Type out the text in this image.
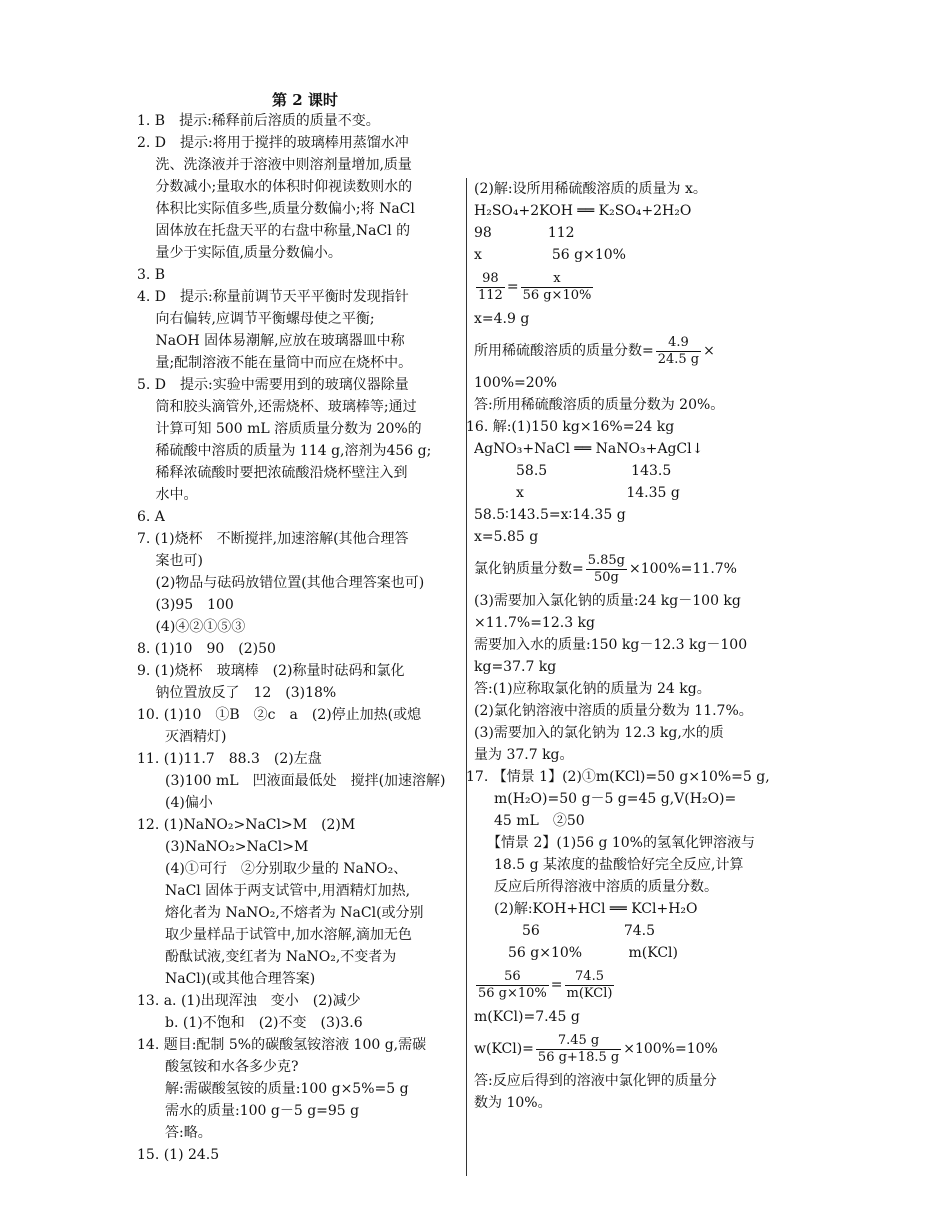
第 2 课时
1. B　提示:稀释前后溶质的质量不变。
2. D　提示:将用于搅拌的玻璃棒用蒸馏水冲
　 洗、洗涤液并于溶液中则溶剂量增加,质量
　 分数减小;量取水的体积时仰视读数则水的
　 体积比实际值多些,质量分数偏小;将 NaCl
　 固体放在托盘天平的右盘中称量,NaCl 的
　 量少于实际值,质量分数偏小。
3. B
4. D　提示:称量前调节天平平衡时发现指针
　 向右偏转,应调节平衡螺母使之平衡;
　 NaOH 固体易潮解,应放在玻璃器皿中称
　 量;配制溶液不能在量筒中而应在烧杯中。
5. D　提示:实验中需要用到的玻璃仪器除量
　 筒和胶头滴管外,还需烧杯、玻璃棒等;通过
　 计算可知 500 mL 溶质质量分数为 20%的
　 稀硫酸中溶质的质量为 114 g,溶剂为456 g;
　 稀释浓硫酸时要把浓硫酸沿烧杯壁注入到
　 水中。
6. A
7. (1)烧杯　不断搅拌,加速溶解(其他合理答
　 案也可)
　 (2)物品与砝码放错位置(其他合理答案也可)
　 (3)95　100
　 (4)④②①⑤③
8. (1)10　90　(2)50
9. (1)烧杯　玻璃棒　(2)称量时砝码和氯化
　 钠位置放反了　12　(3)18%
10. (1)10　①B　②c　a　(2)停止加热(或熄
　　灭酒精灯)
11. (1)11.7　88.3　(2)左盘
　　(3)100 mL　凹液面最低处　搅拌(加速溶解)
　　(4)偏小
12. (1)NaNO₂>NaCl>M　(2)M
　　(3)NaNO₂>NaCl>M
　　(4)①可行　②分别取少量的 NaNO₂、
　　NaCl 固体于两支试管中,用酒精灯加热,
　　熔化者为 NaNO₂,不熔者为 NaCl(或分别
　　取少量样品于试管中,加水溶解,滴加无色
　　酚酞试液,变红者为 NaNO₂,不变者为
　　NaCl)(或其他合理答案)
13. a. (1)出现浑浊　变小　(2)减少
　　b. (1)不饱和　(2)不变　(3)3.6
14. 题目:配制 5%的碳酸氢铵溶液 100 g,需碳
　　酸氢铵和水各多少克?
　　解:需碳酸氢铵的质量:100 g×5%=5 g
　　需水的质量:100 g－5 g=95 g
　　答:略。
15. (1) 24.5
(2)解:设所用稀硫酸溶质的质量为 x。
H₂SO₄+2KOH ══ K₂SO₄+2H₂O
98　　　　112
x　　　　　56 g×10%
$\frac{98}{112} = \frac{x}{56 g\times 10\%}$
x=4.9 g
所用稀硫酸溶质的质量分数= $\frac{4.9}{24.5 g}$ ×
100%=20%
答:所用稀硫酸溶质的质量分数为 20%。
16. 解:(1)150 kg×16%=24 kg
AgNO₃+NaCl ══ NaNO₃+AgCl↓
　　　58.5　　　　　　143.5
　　　x　　　　　　　 14.35 g
58.5∶143.5=x∶14.35 g
x=5.85 g
氯化钠质量分数= $\frac{5.85g}{50g} \times 100\%=11.7\%$
(3)需要加入氯化钠的质量:24 kg－100 kg
×11.7%=12.3 kg
需要加入水的质量:150 kg－12.3 kg－100
kg=37.7 kg
答:(1)应称取氯化钠的质量为 24 kg。
(2)氯化钠溶液中溶质的质量分数为 11.7%。
(3)需要加入的氯化钠为 12.3 kg,水的质
量为 37.7 kg。
17. 【情景 1】(2)①m(KCl)=50 g×10%=5 g,
　　m(H₂O)=50 g－5 g=45 g,V(H₂O)=
　　45 mL　②50
　　【情景 2】(1)56 g 10%的氢氧化钾溶液与
　　18.5 g 某浓度的盐酸恰好完全反应,计算
　　反应后所得溶液中溶质的质量分数。
　　(2)解:KOH+HCl ══ KCl+H₂O
　　　　56　　　　　　74.5
　　　56 g×10%　　　 m(KCl)
$\frac{56}{56 g\times 10\%} = \frac{74.5}{\text{m(KCl)}}$
m(KCl)=7.45 g
$w(KCl)= \frac{7.45 g}{56 g+18.5 g} \times 100\%=10\%$
答:反应后得到的溶液中氯化钾的质量分
数为 10%。
